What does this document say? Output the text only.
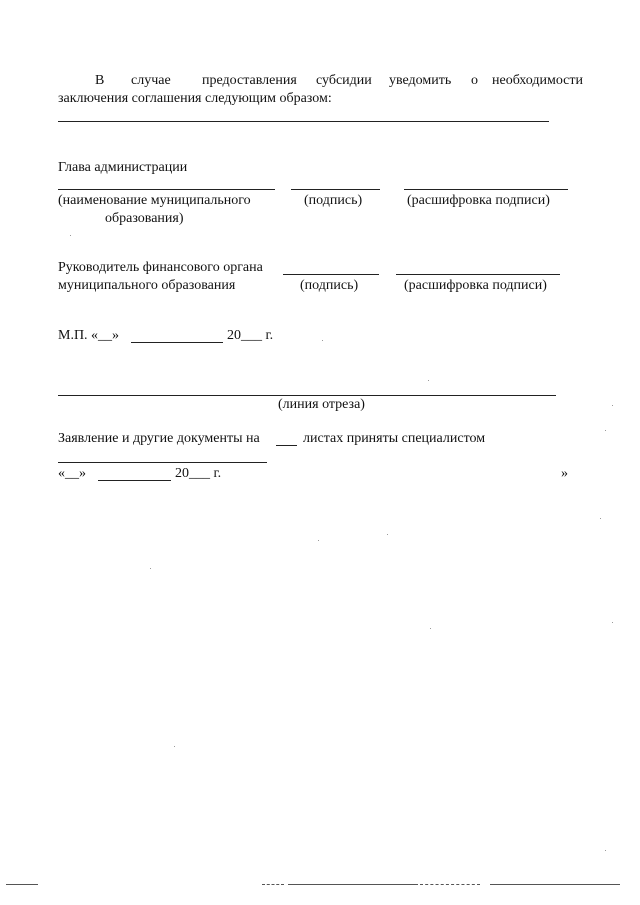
В случае предоставления субсидии уведомить о необходимости
заключения соглашения следующим образом:
Глава администрации
(наименование муниципального
образования)
(подпись)	(расшифровка подписи)
Руководитель финансового органа
муниципального образования	(подпись)	(расшифровка подписи)
М.П. «__»	20___ г.
(линия отреза)
Заявление и другие документы на	листах приняты специалистом
«__»	20___ г.	»
